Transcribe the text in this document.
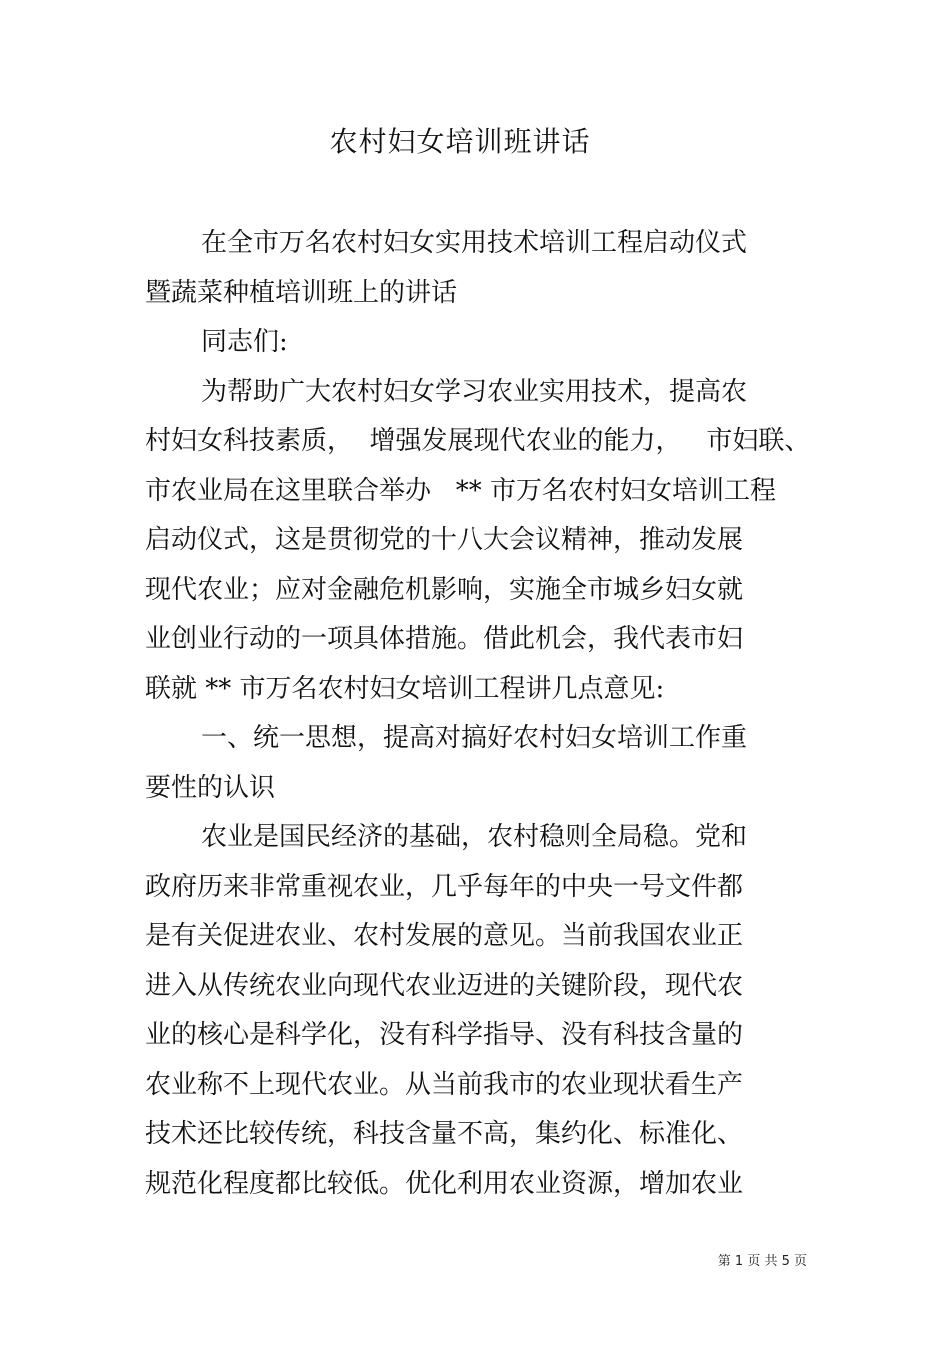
农村妇女培训班讲话
在全市万名农村妇女实用技术培训工程启动仪式
暨蔬菜种植培训班上的讲话
同志们:
为帮助广大农村妇女学习农业实用技术，提高农
村妇女科技素质，  增强发展现代农业的能力，   市妇联、
市农业局在这里联合举办   ** 市万名农村妇女培训工程
启动仪式，这是贯彻党的十八大会议精神，推动发展
现代农业；应对金融危机影响，实施全市城乡妇女就
业创业行动的一项具体措施。借此机会，我代表市妇
联就 ** 市万名农村妇女培训工程讲几点意见:
一、统一思想，提高对搞好农村妇女培训工作重
要性的认识
农业是国民经济的基础，农村稳则全局稳。党和
政府历来非常重视农业，几乎每年的中央一号文件都
是有关促进农业、农村发展的意见。当前我国农业正
进入从传统农业向现代农业迈进的关键阶段，现代农
业的核心是科学化，没有科学指导、没有科技含量的
农业称不上现代农业。从当前我市的农业现状看生产
技术还比较传统，科技含量不高，集约化、标准化、
规范化程度都比较低。优化利用农业资源，增加农业
第 1 页 共 5 页
